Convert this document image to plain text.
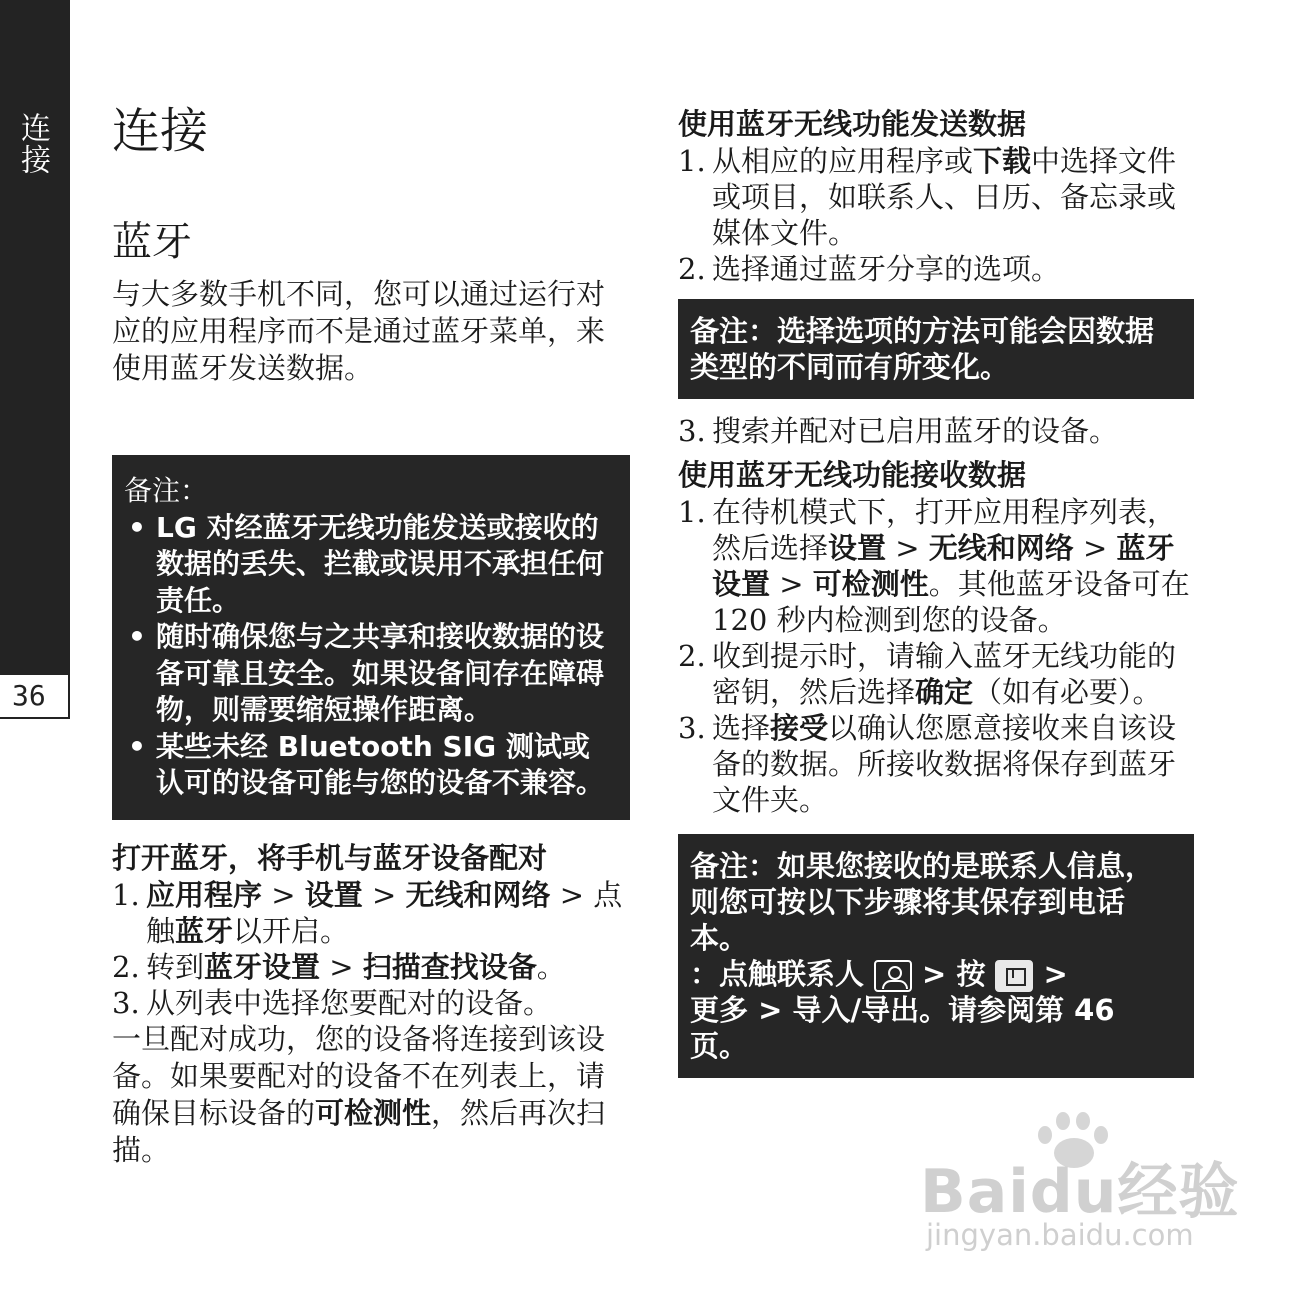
连接
36
连接
蓝牙

与大多数手机不同，您可以通过运行对应的应用程序而不是通过蓝牙菜单，来使用蓝牙发送数据。

备注：
• LG 对经蓝牙无线功能发送或接收的数据的丢失、拦截或误用不承担任何责任。
• 随时确保您与之共享和接收数据的设备可靠且安全。如果设备间存在障碍物，则需要缩短操作距离。
• 某些未经 Bluetooth SIG 测试或认可的设备可能与您的设备不兼容。
打开蓝牙，将手机与蓝牙设备配对
1. 应用程序 > 设置 > 无线和网络 > 点触蓝牙以开启。
2. 转到蓝牙设置 > 扫描查找设备。
3. 从列表中选择您要配对的设备。

一旦配对成功，您的设备将连接到该设备。如果要配对的设备不在列表上，请确保目标设备的可检测性，然后再次扫描。

使用蓝牙无线功能发送数据
1. 从相应的应用程序或下载中选择文件或项目，如联系人、日历、备忘录或媒体文件。
2. 选择通过蓝牙分享的选项。
备注：选择选项的方法可能会因数据类型的不同而有所变化。
3. 搜索并配对已启用蓝牙的设备。
使用蓝牙无线功能接收数据
1. 在待机模式下，打开应用程序列表，然后选择设置 > 无线和网络 > 蓝牙设置 > 可检测性。其他蓝牙设备可在 120 秒内检测到您的设备。
2. 收到提示时，请输入蓝牙无线功能的密钥，然后选择确定（如有必要）。
3. 选择接受以确认您愿意接收来自该设备的数据。所接收数据将保存到蓝牙文件夹。
备注：如果您接收的是联系人信息，则您可按以下步骤将其保存到电话本。
：点触联系人 > 按 >
更多 > 导入/导出。请参阅第 46 页。
Baidu经验
jingyan.baidu.com
